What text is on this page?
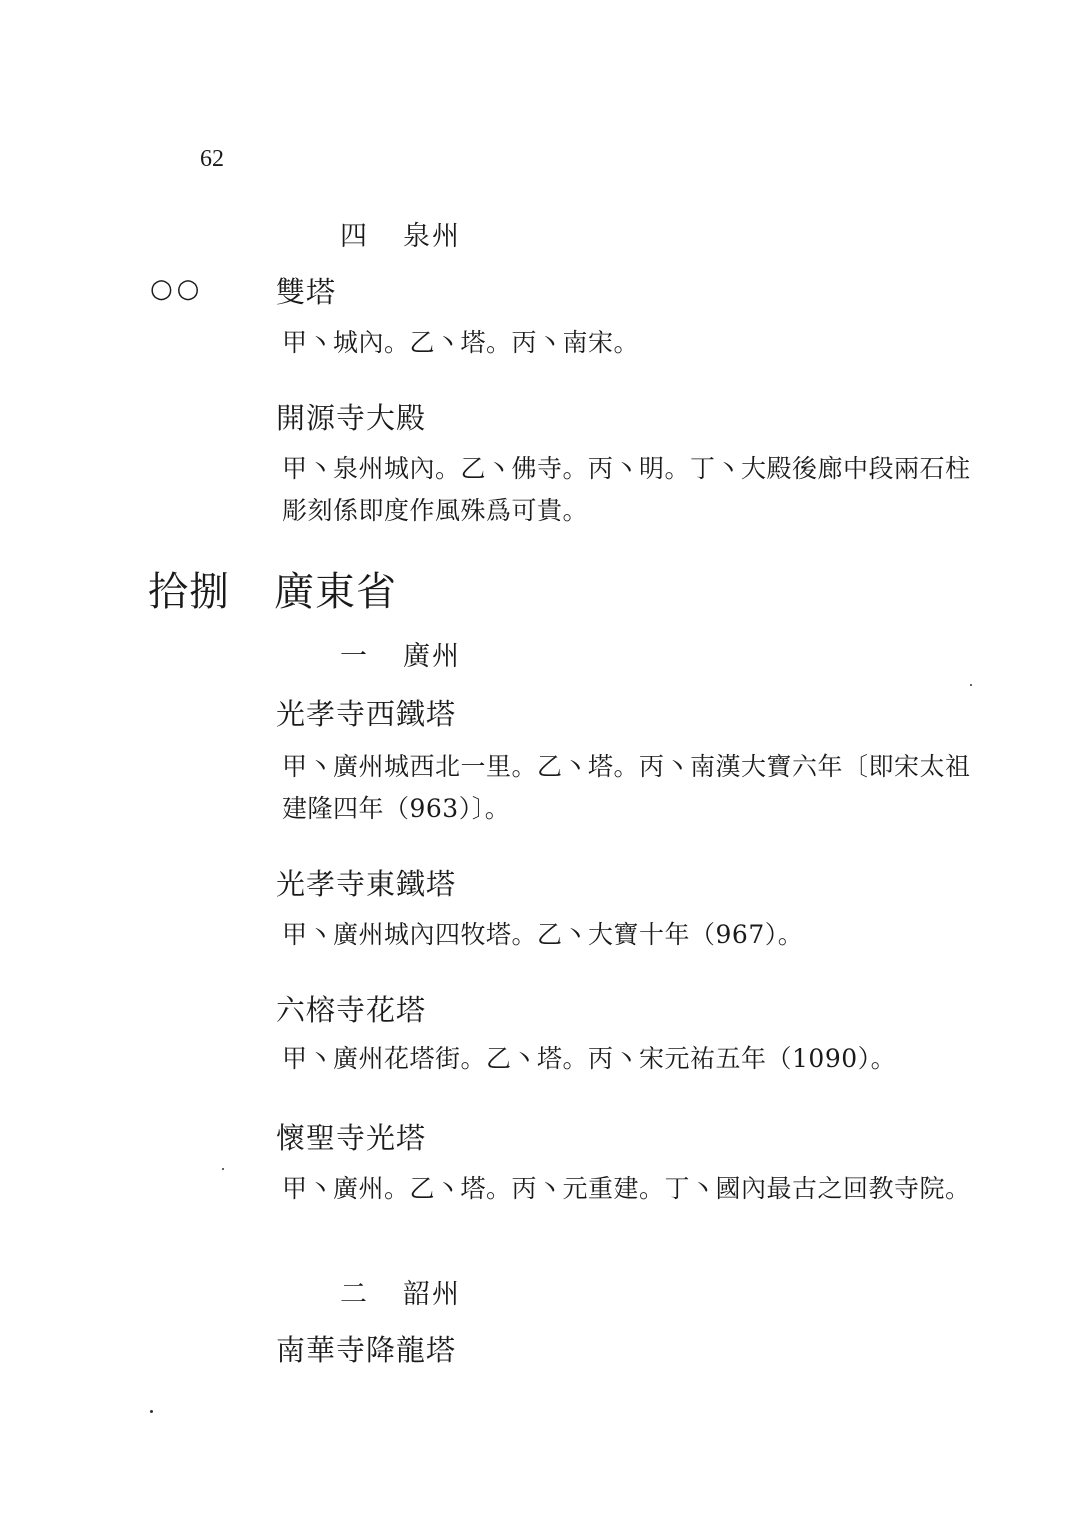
62
四 泉州
○○	雙塔
甲丶城內。乙丶塔。丙丶南宋。
開源寺大殿
甲丶泉州城內。乙丶佛寺。丙丶明。丁丶大殿後廊中段兩石柱彫刻係即度作風殊爲可貴。
拾捌 廣東省
一 廣州
光孝寺西鐵塔
甲丶廣州城西北一里。乙丶塔。丙丶南漢大寶六年〔即宋太祖建隆四年（963）〕。
光孝寺東鐵塔
甲丶廣州城內四牧塔。乙丶大寶十年（967）。
六榕寺花塔
甲丶廣州花塔街。乙丶塔。丙丶宋元祐五年（1090）。
懷聖寺光塔
甲丶廣州。乙丶塔。丙丶元重建。丁丶國內最古之回教寺院。
二 韶州
南華寺降龍塔
